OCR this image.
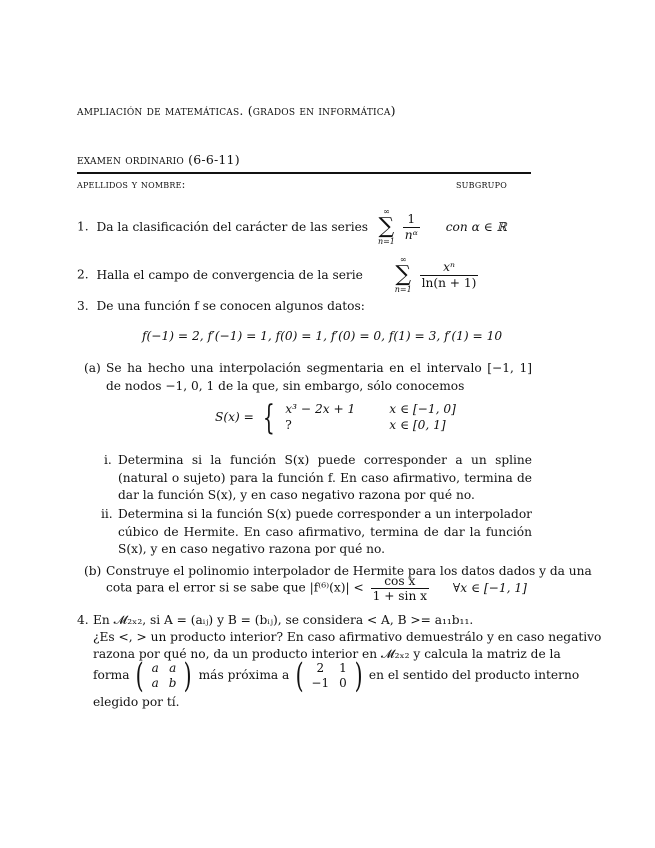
ampliación de matemáticas. (grados en informática)
examen ordinario (6-6-11)
apellidos y nombre:	subgrupo
1. Da la clasificación del carácter de las series
∞
∑
n=1
$\frac{1}{\text{nᵅ}}$ con α ∈ ℝ
2. Halla el campo de convergencia de la serie
∞
∑
n=1
$\frac{\text{xⁿ}}{\ln(n + 1)}$
3. De una función f se conocen algunos datos:
f(−1) = 2, f′(−1) = 1, f(0) = 1, f′(0) = 0, f(1) = 3, f′(1) = 10
(a) Se ha hecho una interpolación segmentaria en el intervalo [−1, 1] de nodos −1, 0, 1 de la que, sin embargo, sólo conocemos
S(x) = { x³ − 2x + 1	x ∈ [−1, 0]
?	x ∈ [0, 1]
i. Determina si la función S(x) puede corresponder a un spline (natural o sujeto) para la función f. En caso afirmativo, termina de dar la función S(x), y en caso negativo razona por qué no.
ii. Determina si la función S(x) puede corresponder a un interpolador cúbico de Hermite. En caso afirmativo, termina de dar la función S(x), y en caso negativo razona por qué no.
(b) Construye el polinomio interpolador de Hermite para los datos dados y da una
cota para el error si se sabe que $|f^{(6)}(x)| < \frac{\text{cos x}}{\text{1 + sin x}}$ ∀x ∈ [−1, 1]
4. En 𝓜₂ₓ₂, si A = (aᵢⱼ) y B = (bᵢⱼ), se considera < A, B >= a₁₁b₁₁.
¿Es <, > un producto interior? En caso afirmativo demuestrálo y en caso negativo
razona por qué no, da un producto interior en 𝓜₂ₓ₂ y calcula la matriz de la
forma ( a	a
a	b ) más próxima a ( 2	1
−1	0 ) en el sentido del producto interno
elegido por tí.
